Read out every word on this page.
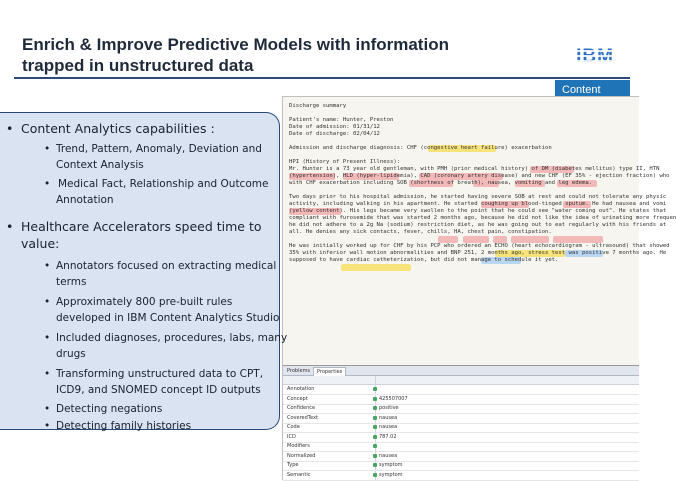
Enrich & Improve Predictive Models with information
trapped in unstructured data
Content
Discharge summary
Patient's name: Hunter, Preston
Date of admission: 01/31/12
Date of discharge: 02/04/12
Admission and discharge diagnosis: CHF (congestive heart failure) exacerbation
HPI (History of Present Illness):
Mr. Hunter is a 73 year old gentleman, with PMH (prior medical history) of DM (diabetes mellitus) type II, HTN
(hypertension), HLD (hyper-lipidemia), CAD (coronary artery disease) and new CHF (EF 35% - ejection fraction) who
with CHF exacerbation including SOB (shortness of breath), nausea, vomiting and leg edema.
Two days prior to his hospital admission, he started having severe SOB at rest and could not tolerate any physic
activity, including walking in his apartment. He started coughing up blood-tinged sputum. He had nausea and vomi
(yellow content). His legs became very swollen to the point that he could see "water coming out". He states that
compliant with furosemide that was started 2 months ago, because he did not like the idea of urinating more frequen
he did not adhere to a 2g Na (sodium) restriction diet, as he was going out to eat regularly with his friends at
all. He denies any sick contacts, fever, chills, HA, chest pain, constipation.
He was initially worked up for CHF by his PCP who ordered an ECHO (heart echocardiogram - ultrasound) that showed
35% with inferior wall motion abnormalities and BNP 251, 2 months ago, stress test was positive 7 months ago. He
supposed to have cardiac catheterization, but did not manage to schedule it yet.
Problems	Properties
Annotation
Concept	425507007
Confidence	positive
CoveredText	nausea
Code	nausea
ICD	787.02
Modifiers
Normalized	nausea
Type	symptom
Semantic	symptom
• Content Analytics capabilities :
• Trend, Pattern, Anomaly, Deviation and
Context Analysis
• Medical Fact, Relationship and Outcome
Annotation
• Healthcare Accelerators speed time to
value:
• Annotators focused on extracting medical
terms
• Approximately 800 pre-built rules
developed in IBM Content Analytics Studio
• Included diagnoses, procedures, labs, many
drugs
• Transforming unstructured data to CPT,
ICD9, and SNOMED concept ID outputs
• Detecting negations
• Detecting family histories
